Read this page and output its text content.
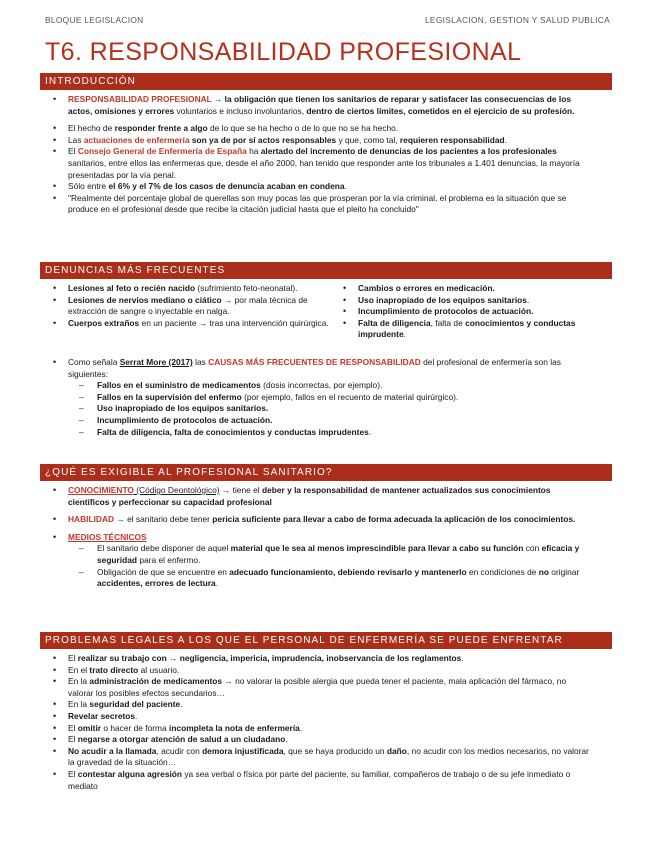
BLOQUE LEGISLACION	LEGISLACION, GESTION Y SALUD PUBLICA
T6. RESPONSABILIDAD PROFESIONAL
INTRODUCCIÓN
• RESPONSABILIDAD PROFESIONAL → la obligación que tienen los sanitarios de reparar y satisfacer las consecuencias de los actos, omisiones y errores voluntarios e incluso involuntarios, dentro de ciertos límites, cometidos en el ejercicio de su profesión.
• El hecho de responder frente a algo de lo que se ha hecho o de lo que no se ha hecho.
• Las actuaciones de enfermería son ya de por sí actos responsables y que, como tal, requieren responsabilidad.
• El Consejo General de Enfermería de España ha alertado del incremento de denuncias de los pacientes a los profesionales sanitarios, entre ellos las enfermeras que, desde el año 2000, han tenido que responder ante los tribunales a 1.401 denuncias, la mayoría presentadas por la vía penal.
• Sólo entre el 6% y el 7% de los casos de denuncia acaban en condena.
• "Realmente del porcentaje global de querellas son muy pocas las que prosperan por la vía criminal, el problema es la situación que se produce en el profesional desde que recibe la citación judicial hasta que el pleito ha concluido"
DENUNCIAS MÁS FRECUENTES
• Lesiones al feto o recién nacido (sufrimiento feto-neonatal).
• Lesiones de nervios mediano o ciático → por mala técnica de extracción de sangre o inyectable en nalga.
• Cuerpos extraños en un paciente → tras una intervención quirúrgica.
• Cambios o errores en medicación.
• Uso inapropiado de los equipos sanitarios.
• Incumplimiento de protocolos de actuación.
• Falta de diligencia, falta de conocimientos y conductas imprudente.
• Como señala Serrat More (2017) las CAUSAS MÁS FRECUENTES DE RESPONSABILIDAD del profesional de enfermería son las siguientes:
– Fallos en el suministro de medicamentos (dosis incorrectas, por ejemplo).
– Fallos en la supervisión del enfermo (por ejemplo, fallos en el recuento de material quirúrgico).
– Uso inapropiado de los equipos sanitarios.
– Incumplimiento de protocolos de actuación.
– Falta de diligencia, falta de conocimientos y conductas imprudentes.
¿QUÉ ES EXIGIBLE AL PROFESIONAL SANITARIO?
• CONOCIMIENTO (Código Deontológico) → tiene el deber y la responsabilidad de mantener actualizados sus conocimientos científicos y perfeccionar su capacidad profesional
• HABILIDAD → el sanitario debe tener pericia suficiente para llevar a cabo de forma adecuada la aplicación de los conocimientos.
• MEDIOS TÉCNICOS
– El sanitario debe disponer de aquel material que le sea al menos imprescindible para llevar a cabo su función con eficacia y seguridad para el enfermo.
– Obligación de que se encuentre en adecuado funcionamiento, debiendo revisarlo y mantenerlo en condiciones de no originar accidentes, errores de lectura.
PROBLEMAS LEGALES A LOS QUE EL PERSONAL DE ENFERMERÍA SE PUEDE ENFRENTAR
• El realizar su trabajo con → negligencia, impericia, imprudencia, inobservancia de los reglamentos.
• En el trato directo al usuario.
• En la administración de medicamentos → no valorar la posible alergia que pueda tener el paciente, mala aplicación del fármaco, no valorar los posibles efectos secundarios…
• En la seguridad del paciente.
• Revelar secretos.
• El omitir o hacer de forma incompleta la nota de enfermería.
• El negarse a otorgar atención de salud a un ciudadano.
• No acudir a la llamada, acudir con demora injustificada, que se haya producido un daño, no acudir con los medios necesarios, no valorar la gravedad de la situación…
• El contestar alguna agresión ya sea verbal o física por parte del paciente, su familiar, compañeros de trabajo o de su jefe inmediato o mediato
